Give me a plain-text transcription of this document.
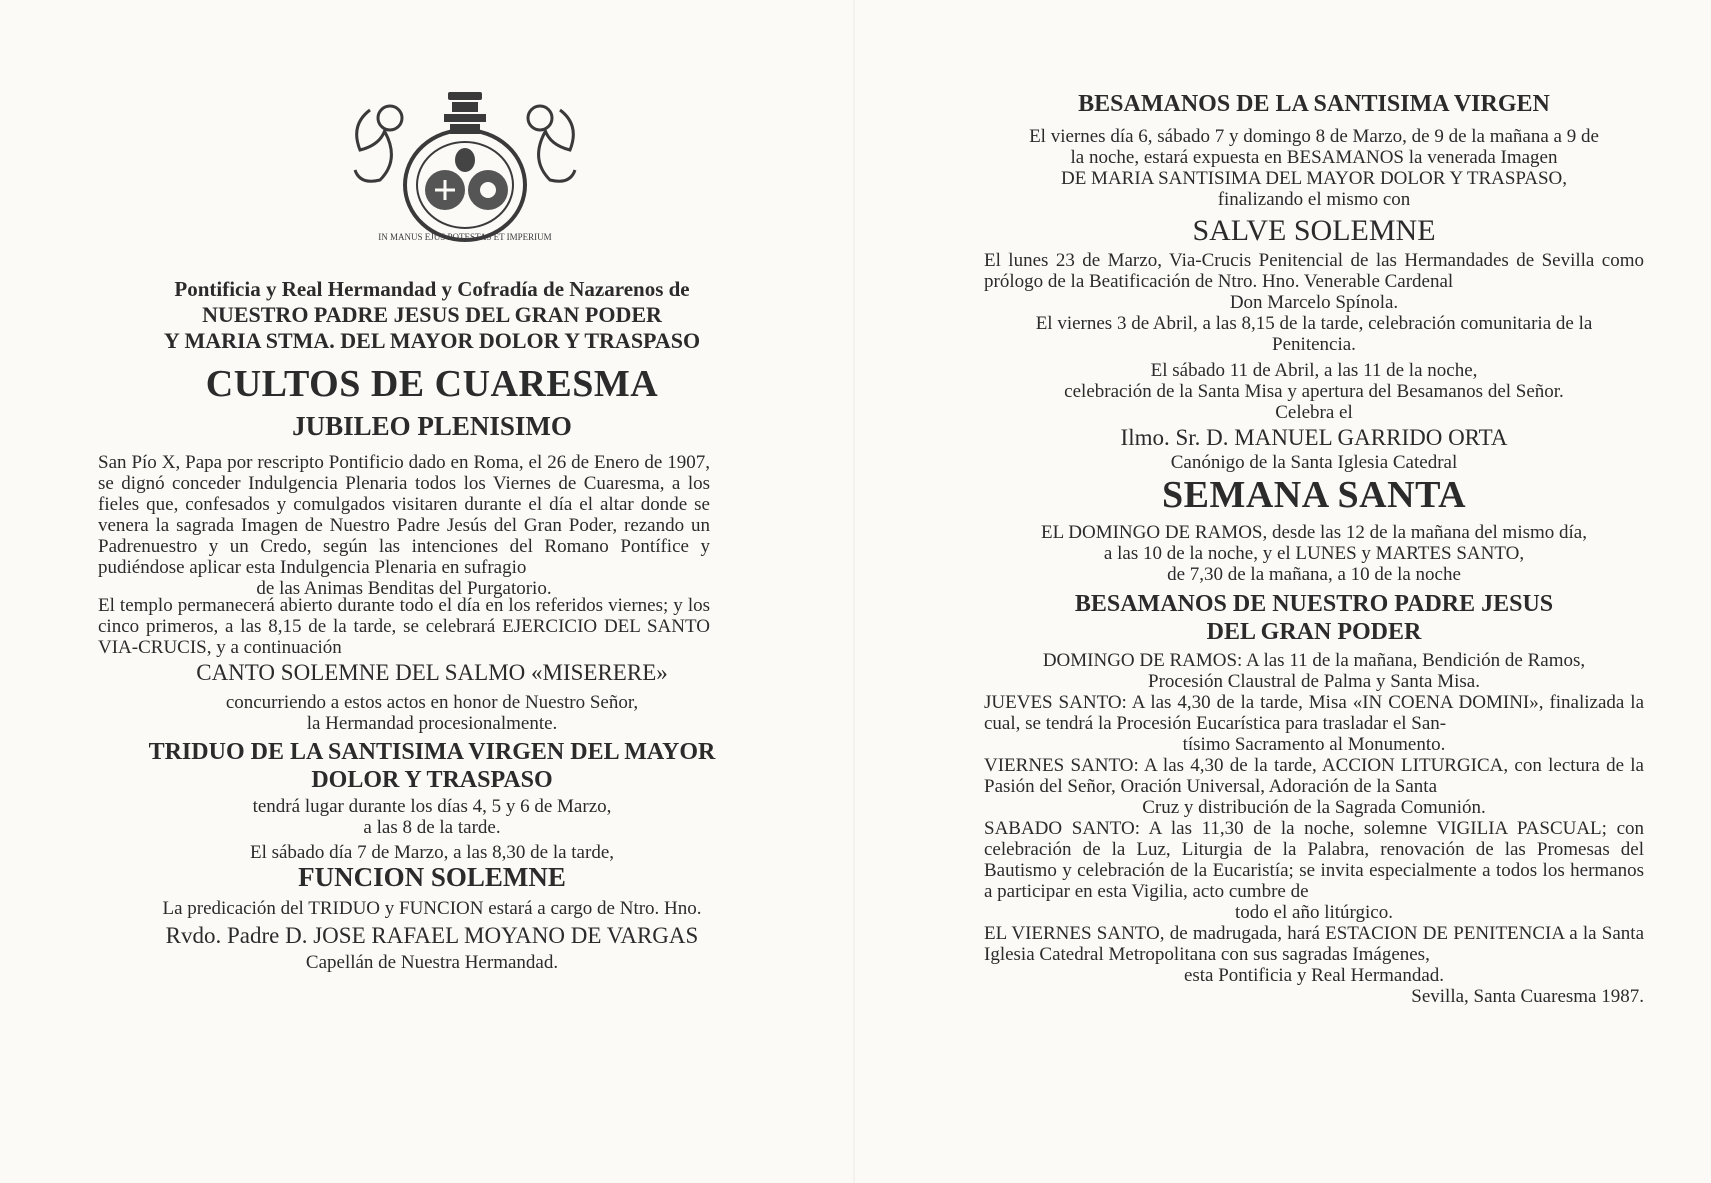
IN MANUS EJUS POTESTAS ET IMPERIUM

Pontificia y Real Hermandad y Cofradía de Nazarenos de

NUESTRO PADRE JESUS DEL GRAN PODER

Y MARIA STMA. DEL MAYOR DOLOR Y TRASPASO

CULTOS DE CUARESMA
JUBILEO PLENISIMO

San Pío X, Papa por rescripto Pontificio dado en Roma, el 26 de Enero de 1907, se dignó conceder Indulgencia Plenaria todos los Viernes de Cuaresma, a los fieles que, confesados y comulgados visitaren durante el día el altar donde se venera la sagrada Imagen de Nuestro Padre Jesús del Gran Poder, rezando un Padrenuestro y un Credo, según las intenciones del Romano Pontífice y pudiéndose aplicar esta Indulgencia Plenaria en sufragio

de las Animas Benditas del Purgatorio.

El templo permanecerá abierto durante todo el día en los referidos viernes; y los cinco primeros, a las 8,15 de la tarde, se celebrará EJERCICIO DEL SANTO VIA-CRUCIS, y a continuación

CANTO SOLEMNE DEL SALMO «MISERERE»

concurriendo a estos actos en honor de Nuestro Señor,

la Hermandad procesionalmente.

TRIDUO DE LA SANTISIMA VIRGEN DEL MAYOR

DOLOR Y TRASPASO

tendrá lugar durante los días 4, 5 y 6 de Marzo,

a las 8 de la tarde.

El sábado día 7 de Marzo, a las 8,30 de la tarde,

FUNCION SOLEMNE

La predicación del TRIDUO y FUNCION estará a cargo de Ntro. Hno.

Rvdo. Padre D. JOSE RAFAEL MOYANO DE VARGAS

Capellán de Nuestra Hermandad.

BESAMANOS DE LA SANTISIMA VIRGEN

El viernes día 6, sábado 7 y domingo 8 de Marzo, de 9 de la mañana a 9 de

la noche, estará expuesta en BESAMANOS la venerada Imagen

DE MARIA SANTISIMA DEL MAYOR DOLOR Y TRASPASO,

finalizando el mismo con

SALVE SOLEMNE

El lunes 23 de Marzo, Via-Crucis Penitencial de las Hermandades de Sevilla como prólogo de la Beatificación de Ntro. Hno. Venerable Cardenal

Don Marcelo Spínola.

El viernes 3 de Abril, a las 8,15 de la tarde, celebración comunitaria de la

Penitencia.

El sábado 11 de Abril, a las 11 de la noche,

celebración de la Santa Misa y apertura del Besamanos del Señor.

Celebra el

Ilmo. Sr. D. MANUEL GARRIDO ORTA
Canónigo de la Santa Iglesia Catedral
SEMANA SANTA

EL DOMINGO DE RAMOS, desde las 12 de la mañana del mismo día,

a las 10 de la noche, y el LUNES y MARTES SANTO,

de 7,30 de la mañana, a 10 de la noche

BESAMANOS DE NUESTRO PADRE JESUS

DEL GRAN PODER

DOMINGO DE RAMOS: A las 11 de la mañana, Bendición de Ramos,

Procesión Claustral de Palma y Santa Misa.

JUEVES SANTO: A las 4,30 de la tarde, Misa «IN COENA DOMINI», finalizada la cual, se tendrá la Procesión Eucarística para trasladar el San-

tísimo Sacramento al Monumento.

VIERNES SANTO: A las 4,30 de la tarde, ACCION LITURGICA, con lectura de la Pasión del Señor, Oración Universal, Adoración de la Santa

Cruz y distribución de la Sagrada Comunión.

SABADO SANTO: A las 11,30 de la noche, solemne VIGILIA PASCUAL; con celebración de la Luz, Liturgia de la Palabra, renovación de las Promesas del Bautismo y celebración de la Eucaristía; se invita especialmente a todos los hermanos a participar en esta Vigilia, acto cumbre de

todo el año litúrgico.

EL VIERNES SANTO, de madrugada, hará ESTACION DE PENITENCIA a la Santa Iglesia Catedral Metropolitana con sus sagradas Imágenes,

esta Pontificia y Real Hermandad.

Sevilla, Santa Cuaresma 1987.
